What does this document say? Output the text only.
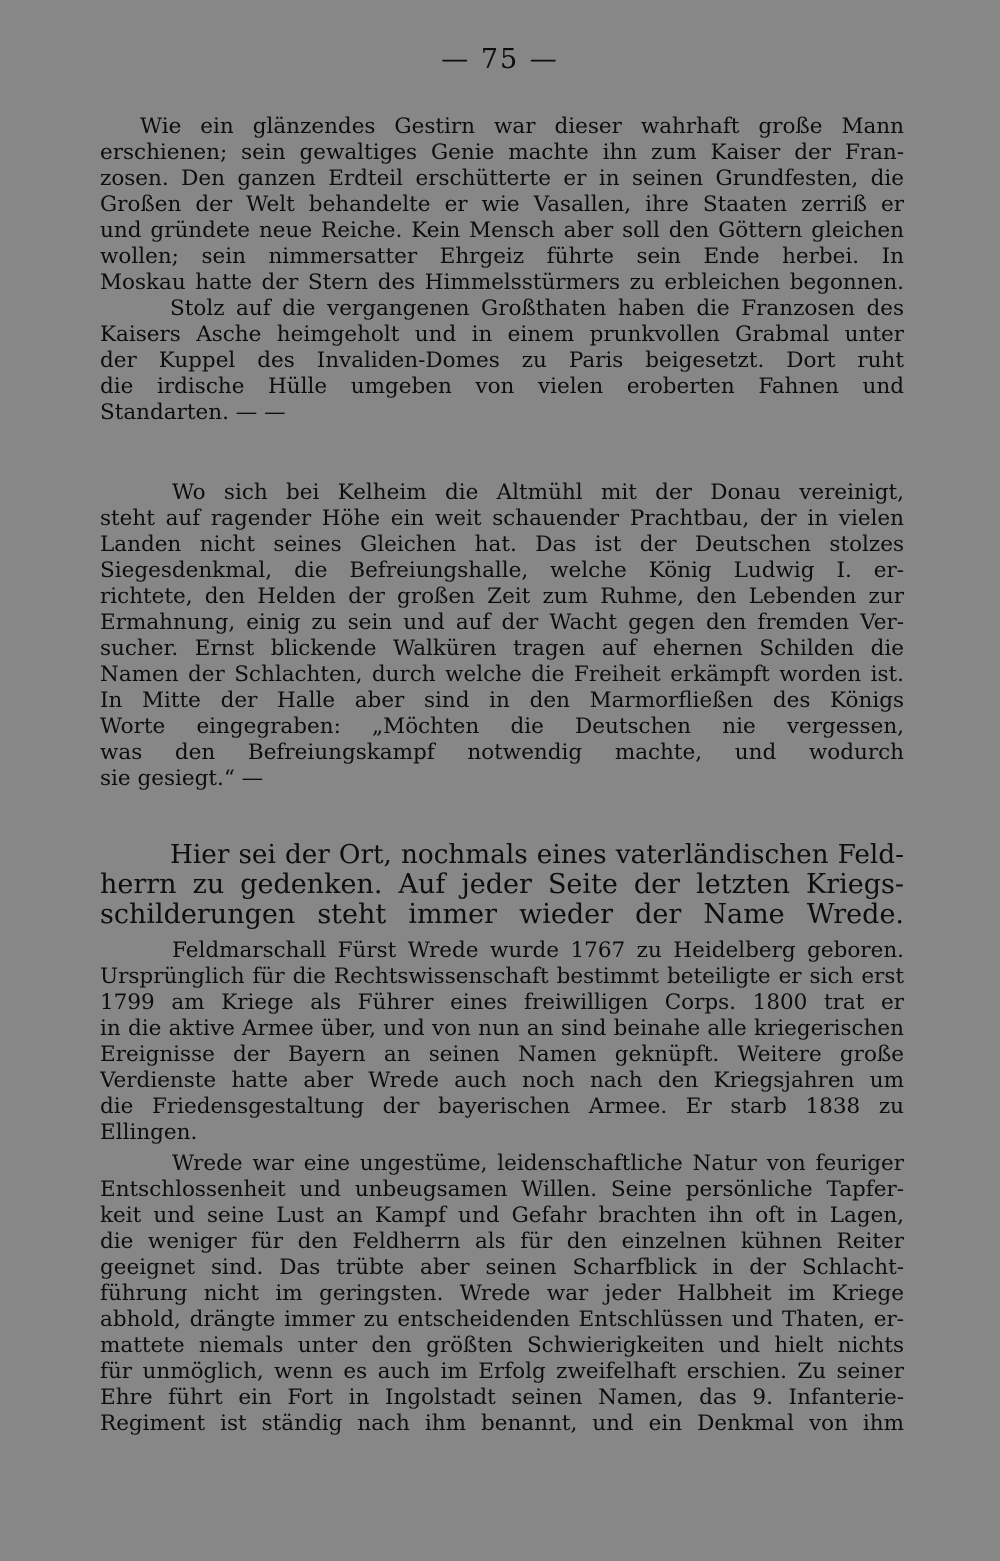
— 75 —
Wie ein glänzendes Gestirn war dieser wahrhaft große Mann
erschienen; sein gewaltiges Genie machte ihn zum Kaiser der Fran-
zosen. Den ganzen Erdteil erschütterte er in seinen Grundfesten, die
Großen der Welt behandelte er wie Vasallen, ihre Staaten zerriß er
und gründete neue Reiche. Kein Mensch aber soll den Göttern gleichen
wollen; sein nimmersatter Ehrgeiz führte sein Ende herbei. In
Moskau hatte der Stern des Himmelsstürmers zu erbleichen begonnen.
Stolz auf die vergangenen Großthaten haben die Franzosen des
Kaisers Asche heimgeholt und in einem prunkvollen Grabmal unter
der Kuppel des Invaliden-Domes zu Paris beigesetzt. Dort ruht
die irdische Hülle umgeben von vielen eroberten Fahnen und
Standarten. — —
Wo sich bei Kelheim die Altmühl mit der Donau vereinigt,
steht auf ragender Höhe ein weit schauender Prachtbau, der in vielen
Landen nicht seines Gleichen hat. Das ist der Deutschen stolzes
Siegesdenkmal, die Befreiungshalle, welche König Ludwig I. er-
richtete, den Helden der großen Zeit zum Ruhme, den Lebenden zur
Ermahnung, einig zu sein und auf der Wacht gegen den fremden Ver-
sucher. Ernst blickende Walküren tragen auf ehernen Schilden die
Namen der Schlachten, durch welche die Freiheit erkämpft worden ist.
In Mitte der Halle aber sind in den Marmorfließen des Königs
Worte eingegraben: „Möchten die Deutschen nie vergessen,
was den Befreiungskampf notwendig machte, und wodurch
sie gesiegt.“ —
Hier sei der Ort, nochmals eines vaterländischen Feld-
herrn zu gedenken. Auf jeder Seite der letzten Kriegs-
schilderungen steht immer wieder der Name Wrede.
Feldmarschall Fürst Wrede wurde 1767 zu Heidelberg geboren.
Ursprünglich für die Rechtswissenschaft bestimmt beteiligte er sich erst
1799 am Kriege als Führer eines freiwilligen Corps. 1800 trat er
in die aktive Armee über, und von nun an sind beinahe alle kriegerischen
Ereignisse der Bayern an seinen Namen geknüpft. Weitere große
Verdienste hatte aber Wrede auch noch nach den Kriegsjahren um
die Friedensgestaltung der bayerischen Armee. Er starb 1838 zu
Ellingen.
Wrede war eine ungestüme, leidenschaftliche Natur von feuriger
Entschlossenheit und unbeugsamen Willen. Seine persönliche Tapfer-
keit und seine Lust an Kampf und Gefahr brachten ihn oft in Lagen,
die weniger für den Feldherrn als für den einzelnen kühnen Reiter
geeignet sind. Das trübte aber seinen Scharfblick in der Schlacht-
führung nicht im geringsten. Wrede war jeder Halbheit im Kriege
abhold, drängte immer zu entscheidenden Entschlüssen und Thaten, er-
mattete niemals unter den größten Schwierigkeiten und hielt nichts
für unmöglich, wenn es auch im Erfolg zweifelhaft erschien. Zu seiner
Ehre führt ein Fort in Ingolstadt seinen Namen, das 9. Infanterie-
Regiment ist ständig nach ihm benannt, und ein Denkmal von ihm
